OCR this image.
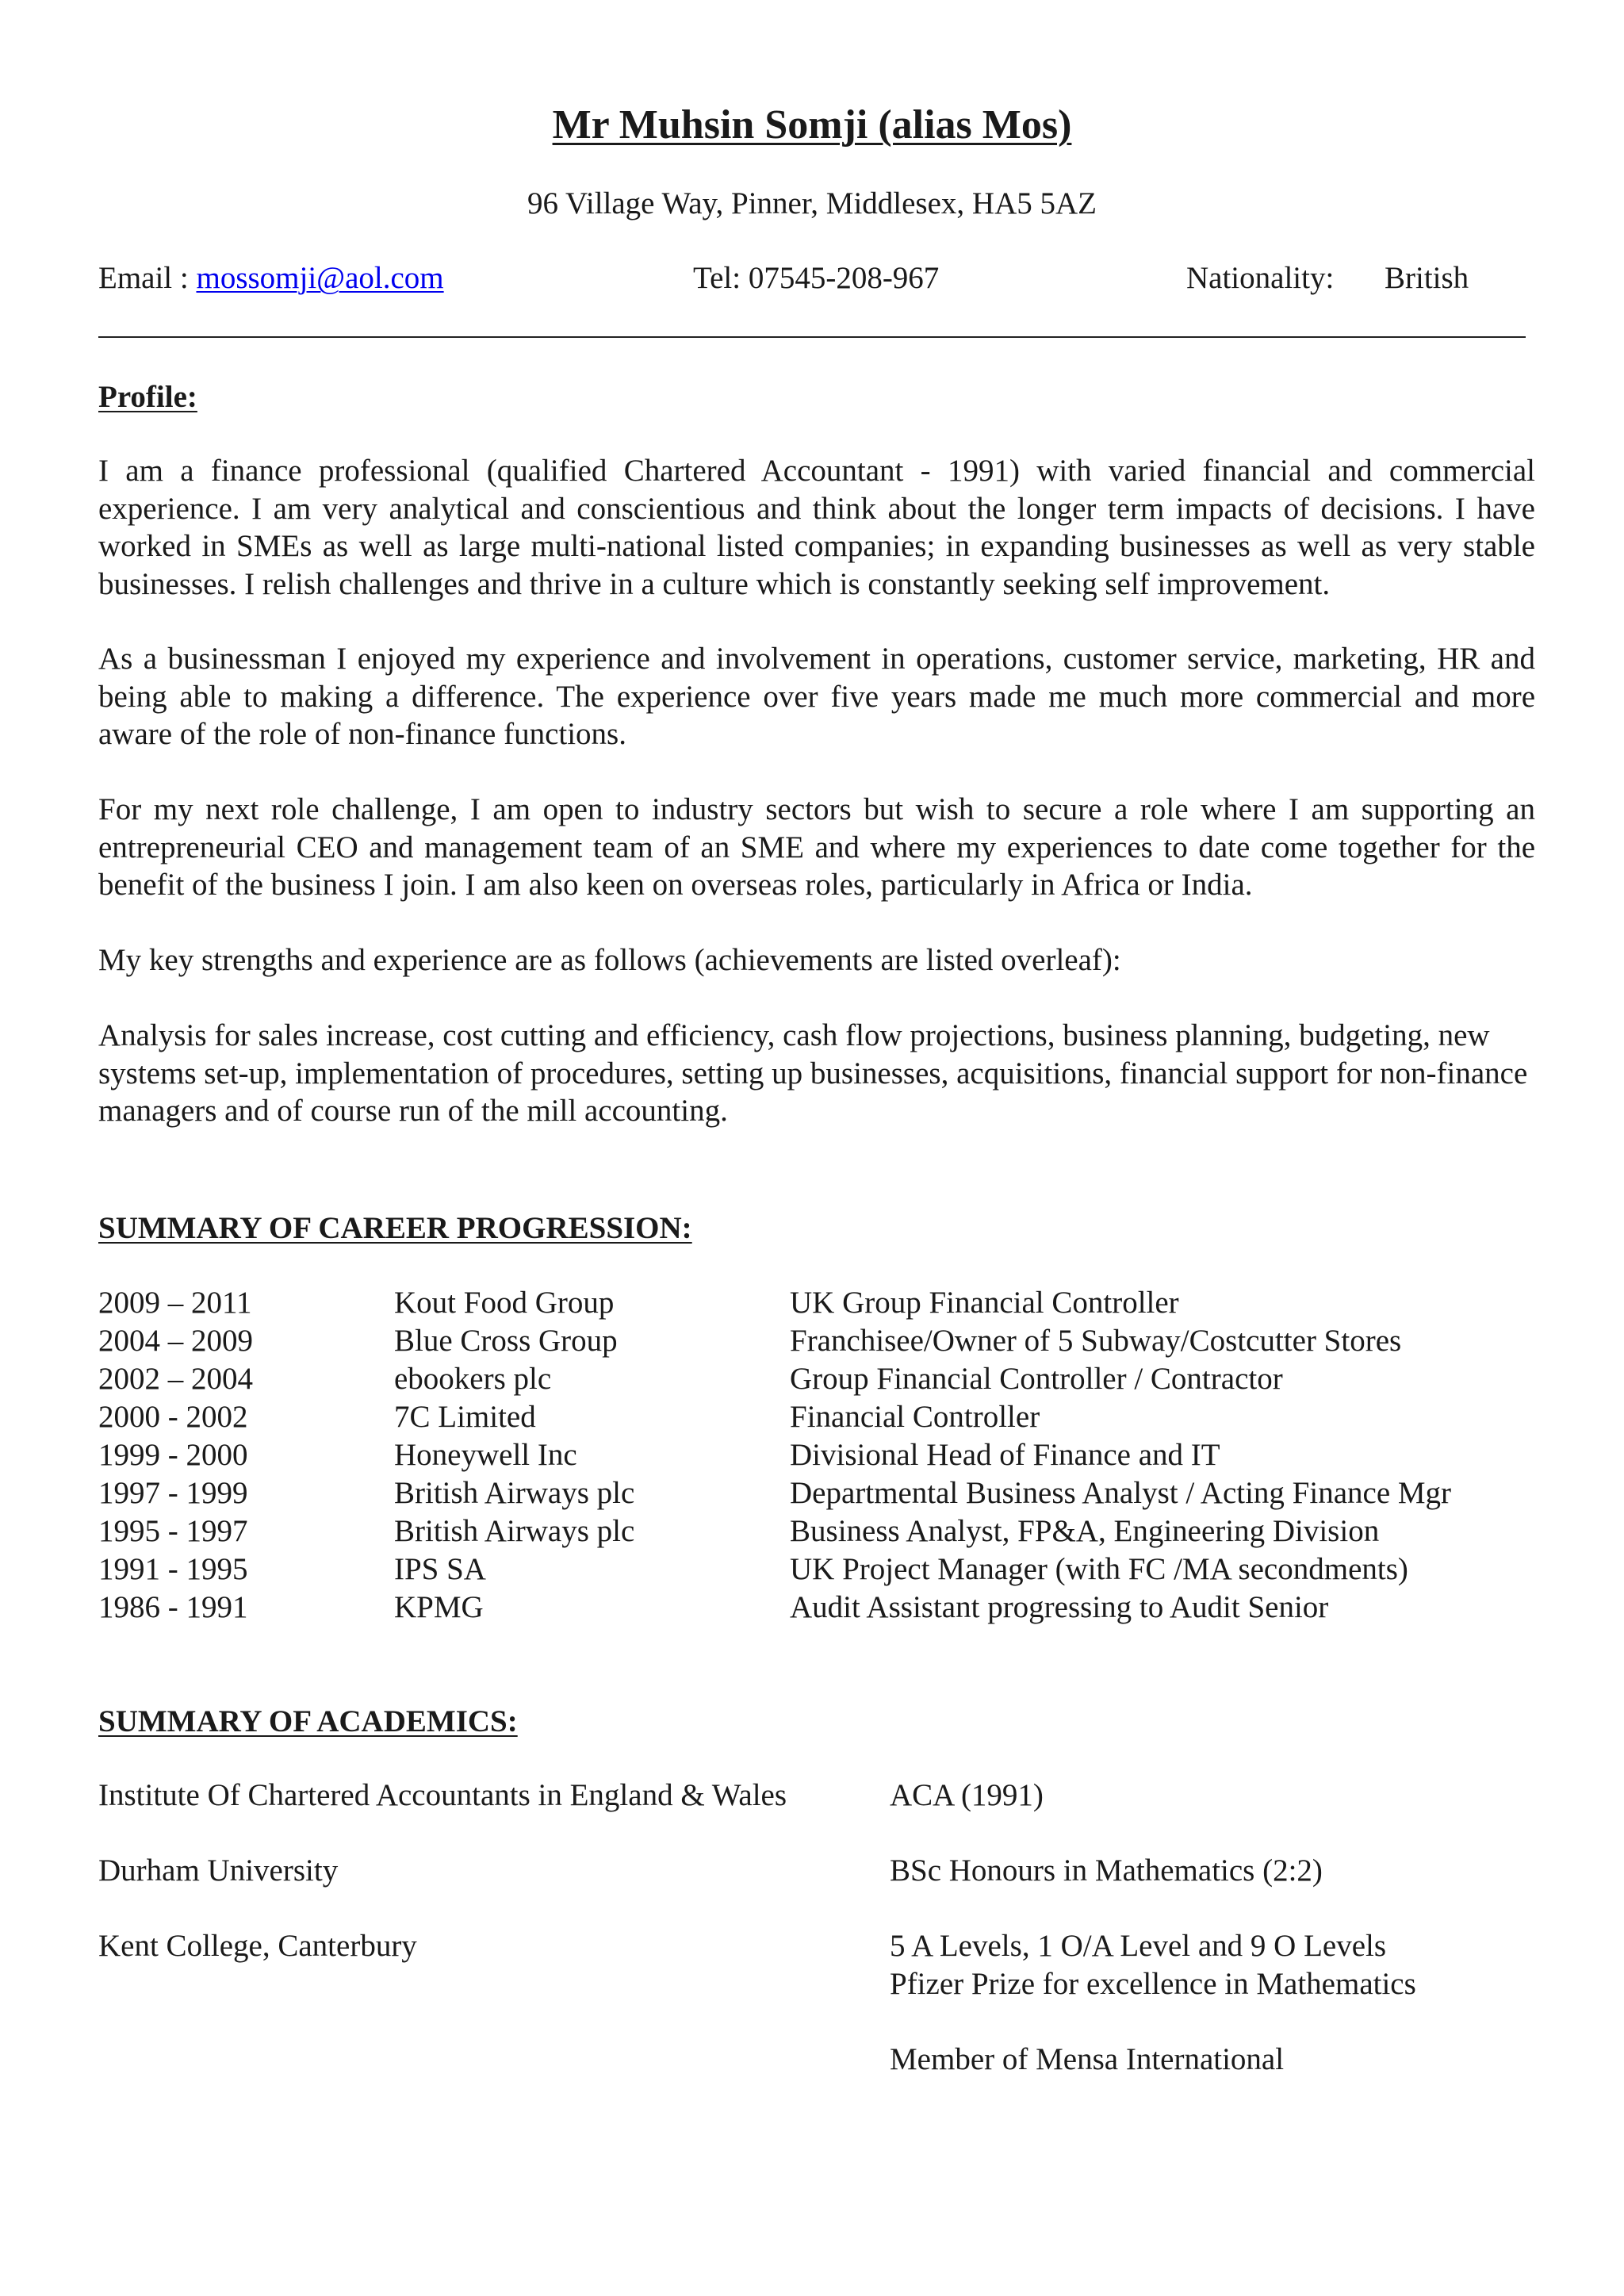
Mr Muhsin Somji (alias Mos)
96 Village Way, Pinner, Middlesex, HA5 5AZ
Email : mossomji@aol.com	Tel: 07545-208-967	Nationality: British
Profile:

I am a finance professional (qualified Chartered Accountant - 1991) with varied financial and commercial experience. I am very analytical and conscientious and think about the longer term impacts of decisions. I have worked in SMEs as well as large multi-national listed companies; in expanding businesses as well as very stable businesses. I relish challenges and thrive in a culture which is constantly seeking self improvement.

As a businessman I enjoyed my experience and involvement in operations, customer service, marketing, HR and being able to making a difference. The experience over five years made me much more commercial and more aware of the role of non-finance functions.

For my next role challenge, I am open to industry sectors but wish to secure a role where I am supporting an entrepreneurial CEO and management team of an SME and where my experiences to date come together for the benefit of the business I join. I am also keen on overseas roles, particularly in Africa or India.

My key strengths and experience are as follows (achievements are listed overleaf):

Analysis for sales increase, cost cutting and efficiency, cash flow projections, business planning, budgeting, new systems set-up, implementation of procedures, setting up businesses, acquisitions, financial support for non-finance managers and of course run of the mill accounting.

SUMMARY OF CAREER PROGRESSION:
2009 – 2011	Kout Food Group	UK Group Financial Controller
2004 – 2009	Blue Cross Group	Franchisee/Owner of 5 Subway/Costcutter Stores
2002 – 2004	ebookers plc	Group Financial Controller / Contractor
2000 - 2002	7C Limited	Financial Controller
1999 - 2000	Honeywell Inc	Divisional Head of Finance and IT
1997 - 1999	British Airways plc	Departmental Business Analyst / Acting Finance Mgr
1995 - 1997	British Airways plc	Business Analyst, FP&A, Engineering Division
1991 - 1995	IPS SA	UK Project Manager (with FC /MA secondments)
1986 - 1991	KPMG	Audit Assistant progressing to Audit Senior
SUMMARY OF ACADEMICS:
Institute Of Chartered Accountants in England & Wales	ACA (1991)
Durham University	BSc Honours in Mathematics (2:2)
Kent College, Canterbury	5 A Levels, 1 O/A Level and 9 O Levels
Pfizer Prize for excellence in Mathematics
Member of Mensa International
